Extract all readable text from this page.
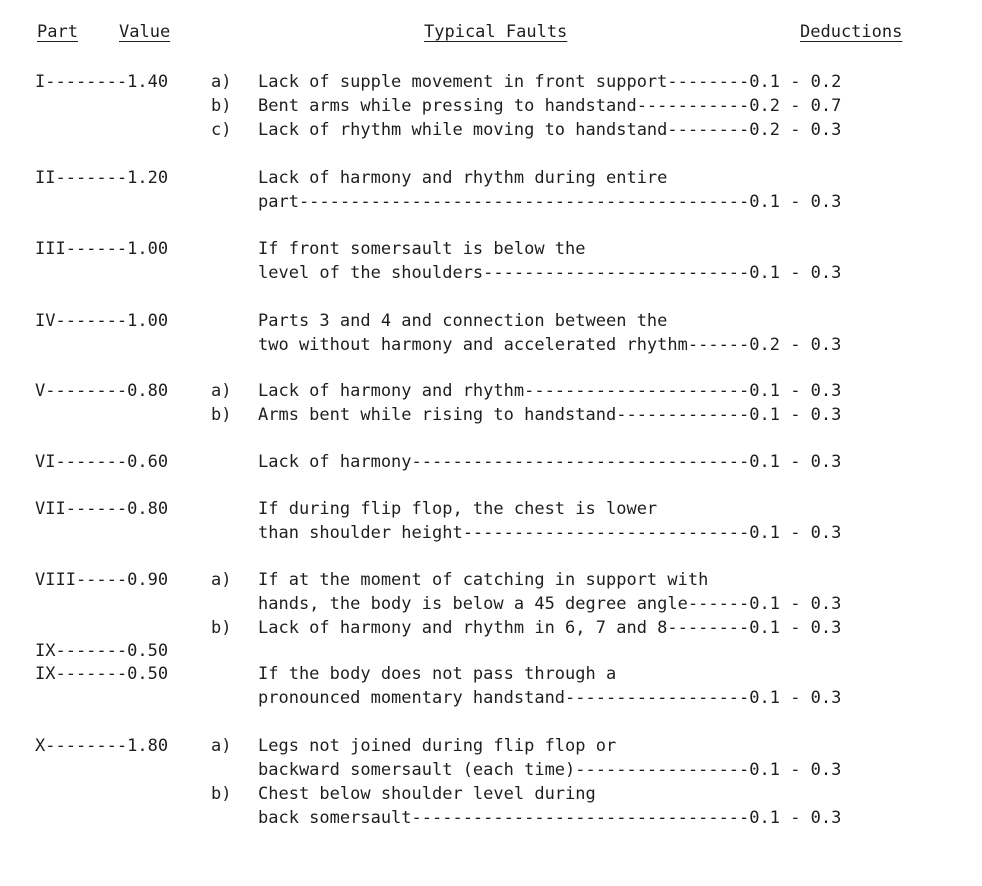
Part Value	Typical Faults	Deductions
I--------1.40
II-------1.20
III------1.00
IV-------1.00
V--------0.80
VI-------0.60
VII------0.80
VIII-----0.90
IX-------0.50
IX-------0.50
X--------1.80
a)
b)
c)
a)
b)
a)
b)
a)
b)
Lack of supple movement in front support--------0.1 - 0.2
Bent arms while pressing to handstand-----------0.2 - 0.7
Lack of rhythm while moving to handstand--------0.2 - 0.3
Lack of harmony and rhythm during entire
part--------------------------------------------0.1 - 0.3
If front somersault is below the
level of the shoulders--------------------------0.1 - 0.3
Parts 3 and 4 and connection between the
two without harmony and accelerated rhythm------0.2 - 0.3
Lack of harmony and rhythm----------------------0.1 - 0.3
Arms bent while rising to handstand-------------0.1 - 0.3
Lack of harmony---------------------------------0.1 - 0.3
If during flip flop, the chest is lower
than shoulder height----------------------------0.1 - 0.3
If at the moment of catching in support with
hands, the body is below a 45 degree angle------0.1 - 0.3
Lack of harmony and rhythm in 6, 7 and 8--------0.1 - 0.3
If the body does not pass through a
pronounced momentary handstand------------------0.1 - 0.3
Legs not joined during flip flop or
backward somersault (each time)-----------------0.1 - 0.3
Chest below shoulder level during
back somersault---------------------------------0.1 - 0.3
